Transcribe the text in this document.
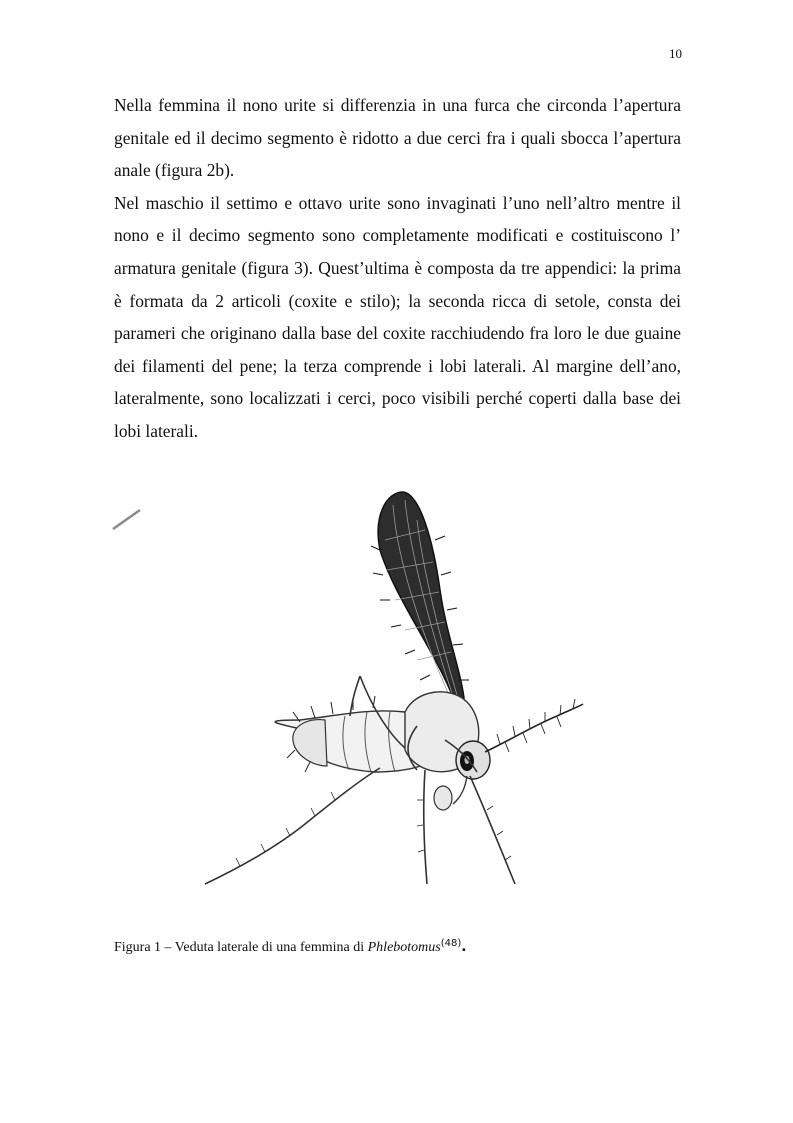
10

Nella femmina il nono urite si differenzia in una furca che circonda l’apertura genitale ed il decimo segmento è ridotto a due cerci fra i quali sbocca l’apertura anale (figura 2b).

Nel maschio il settimo e ottavo urite sono invaginati l’uno nell’altro mentre il nono e il decimo segmento sono completamente modificati e costituiscono l’ armatura genitale (figura 3). Quest’ultima è composta da tre appendici: la prima è formata da 2 articoli (coxite e stilo); la seconda ricca di setole, consta dei parameri che originano dalla base del coxite racchiudendo fra loro le due guaine dei filamenti del pene; la terza comprende i lobi laterali. Al margine dell’ano, lateralmente, sono localizzati i cerci, poco visibili perché coperti dalla base dei lobi laterali.

Figura 1 – Veduta laterale di una femmina di Phlebotomus$^{(48)}$.
